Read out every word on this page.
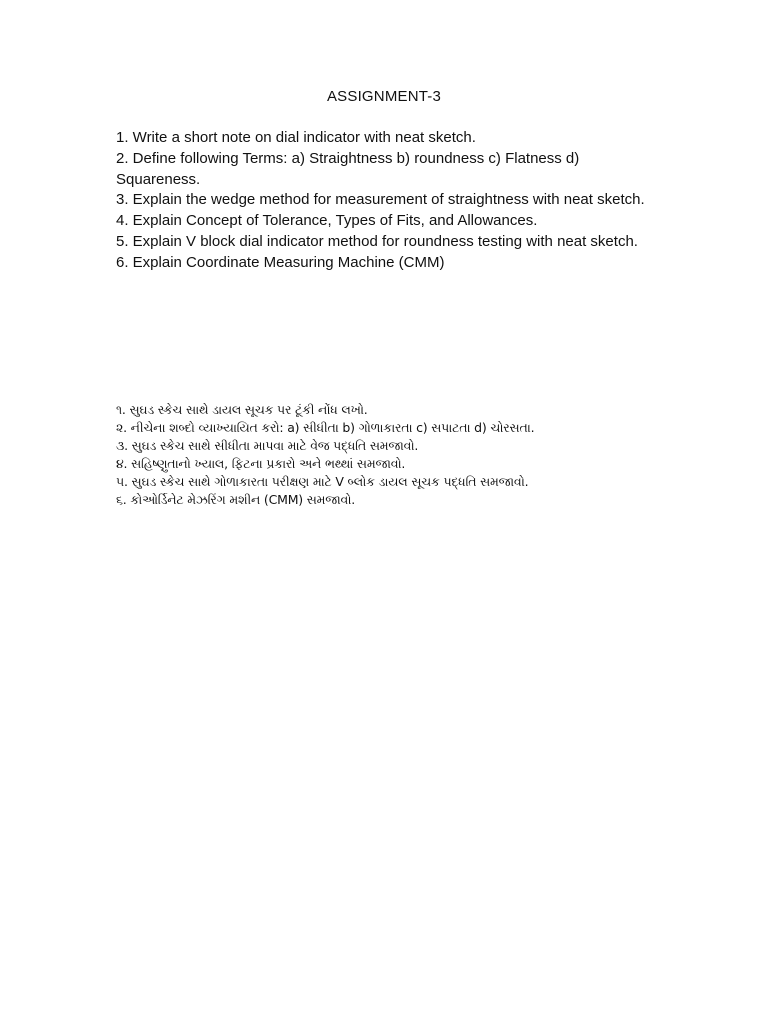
ASSIGNMENT-3

1. Write a short note on dial indicator with neat sketch.

2. Define following Terms: a) Straightness b) roundness c) Flatness d) Squareness.

3. Explain the wedge method for measurement of straightness with neat sketch.

4. Explain Concept of Tolerance, Types of Fits, and Allowances.

5. Explain V block dial indicator method for roundness testing with neat sketch.

6. Explain Coordinate Measuring Machine (CMM)

૧. સુઘડ સ્કેચ સાથે ડાયલ સૂચક પર ટૂંકી નોંધ લખો.

૨. નીચેના શબ્દો વ્યાખ્યાયિત કરો: a) સીધીતા b) ગોળાકારતા c) સપાટતા d) ચોરસતા.

૩. સુઘડ સ્કેચ સાથે સીધીતા માપવા માટે વેજ પદ્ધતિ સમજાવો.

૪. સહિષ્ણુતાનો ખ્યાલ, ફિટના પ્રકારો અને ભથ્થાં સમજાવો.

૫. સુઘડ સ્કેચ સાથે ગોળાકારતા પરીક્ષણ માટે V બ્લોક ડાયલ સૂચક પદ્ધતિ સમજાવો.

૬. કોઓર્ડિનેટ મેઝરિંગ મશીન (CMM) સમજાવો.
